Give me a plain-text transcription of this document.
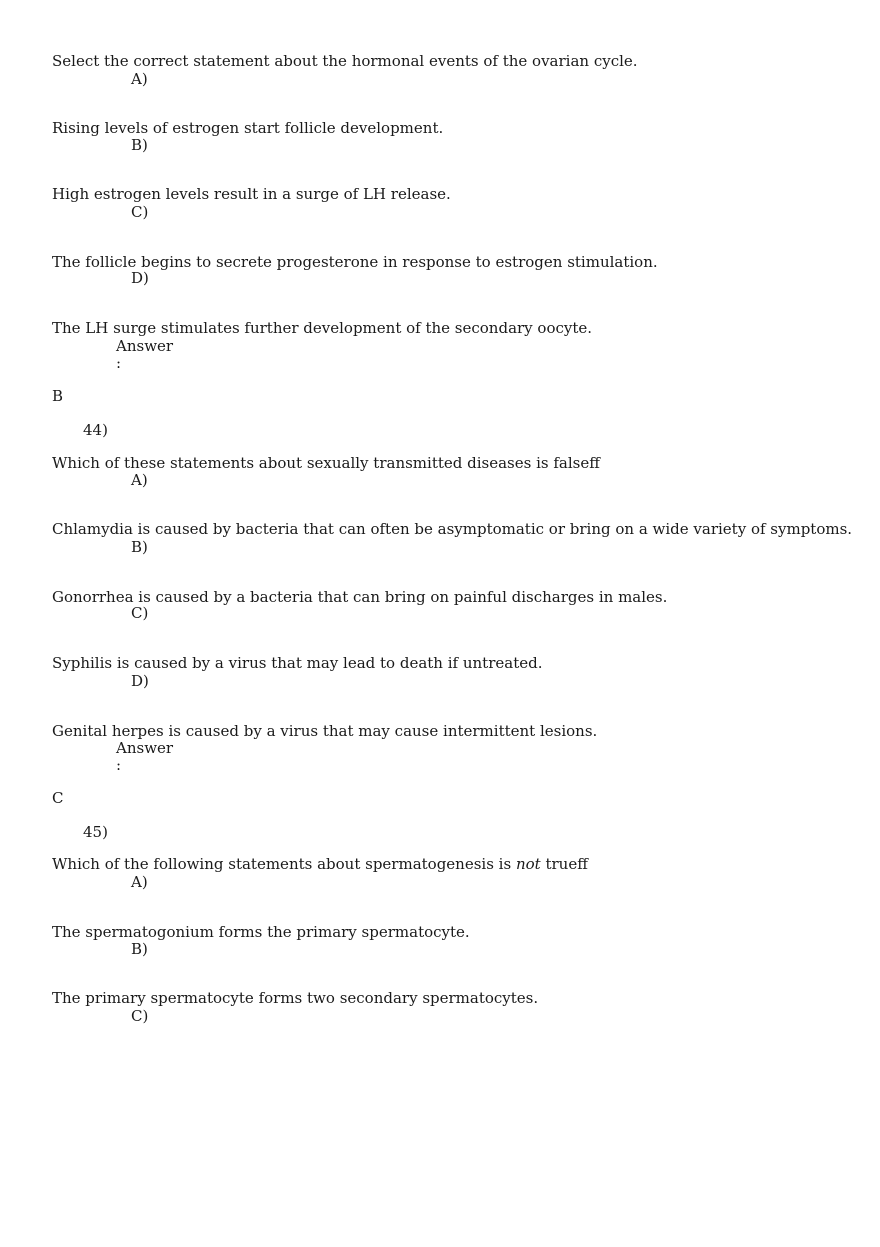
Select the correct statement about the hormonal events of the ovarian cycle.
A)
Rising levels of estrogen start follicle development.
B)
High estrogen levels result in a surge of LH release.
C)
The follicle begins to secrete progesterone in response to estrogen stimulation.
D)
The LH surge stimulates further development of the secondary oocyte.
Answer
:
B
44)
Which of these statements about sexually transmitted diseases is falseff
A)
Chlamydia is caused by bacteria that can often be asymptomatic or bring on a wide variety of symptoms.
B)
Gonorrhea is caused by a bacteria that can bring on painful discharges in males.
C)
Syphilis is caused by a virus that may lead to death if untreated.
D)
Genital herpes is caused by a virus that may cause intermittent lesions.
Answer
:
C
45)
Which of the following statements about spermatogenesis is not trueff
A)
The spermatogonium forms the primary spermatocyte.
B)
The primary spermatocyte forms two secondary spermatocytes.
C)
